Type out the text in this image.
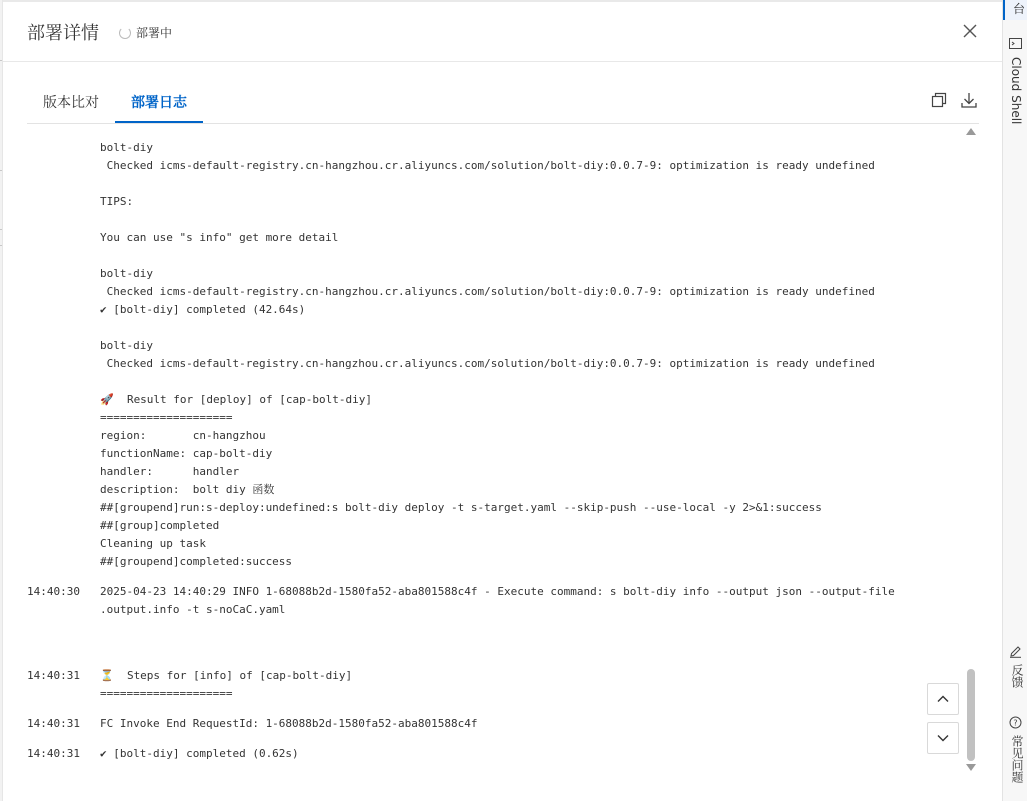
部署详情	部署中
版本比对 部署日志
bolt-diy
Checked icms-default-registry.cn-hangzhou.cr.aliyuncs.com/solution/bolt-diy:0.0.7-9: optimization is ready undefined
TIPS:
You can use "s info" get more detail
bolt-diy
Checked icms-default-registry.cn-hangzhou.cr.aliyuncs.com/solution/bolt-diy:0.0.7-9: optimization is ready undefined
✔ [bolt-diy] completed (42.64s)
bolt-diy
Checked icms-default-registry.cn-hangzhou.cr.aliyuncs.com/solution/bolt-diy:0.0.7-9: optimization is ready undefined
🚀  Result for [deploy] of [cap-bolt-diy]
====================
region:       cn-hangzhou
functionName: cap-bolt-diy
handler:      handler
description:  bolt diy 函数
##[groupend]run:s-deploy:undefined:s bolt-diy deploy -t s-target.yaml --skip-push --use-local -y 2>&1:success
##[group]completed
Cleaning up task
##[groupend]completed:success
14:40:30	2025-04-23 14:40:29 INFO 1-68088b2d-1580fa52-aba801588c4f - Execute command: s bolt-diy info --output json --output-file
.output.info -t s-noCaC.yaml
14:40:31	⏳  Steps for [info] of [cap-bolt-diy]
====================
14:40:31	FC Invoke End RequestId: 1-68088b2d-1580fa52-aba801588c4f
14:40:31	✔ [bolt-diy] completed (0.62s)
台
Cloud Shell
反馈
?
常见问题
